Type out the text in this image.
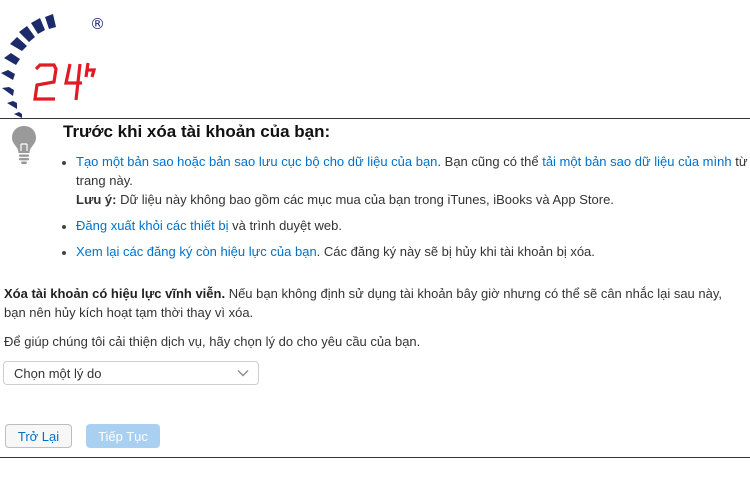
®
Trước khi xóa tài khoản của bạn:
• Tạo một bản sao hoặc bản sao lưu cục bộ cho dữ liệu của bạn. Bạn cũng có thể tải một bản sao dữ liệu của mình từ trang này.
Lưu ý: Dữ liệu này không bao gồm các mục mua của bạn trong iTunes, iBooks và App Store.
• Đăng xuất khỏi các thiết bị và trình duyệt web.
• Xem lại các đăng ký còn hiệu lực của bạn. Các đăng ký này sẽ bị hủy khi tài khoản bị xóa.

Xóa tài khoản có hiệu lực vĩnh viễn. Nếu bạn không định sử dụng tài khoản bây giờ nhưng có thể sẽ cân nhắc lại sau này, bạn nên hủy kích hoạt tạm thời thay vì xóa.

Để giúp chúng tôi cải thiện dịch vụ, hãy chọn lý do cho yêu cầu của bạn.

Chọn một lý do
Trở Lại	Tiếp Tục
